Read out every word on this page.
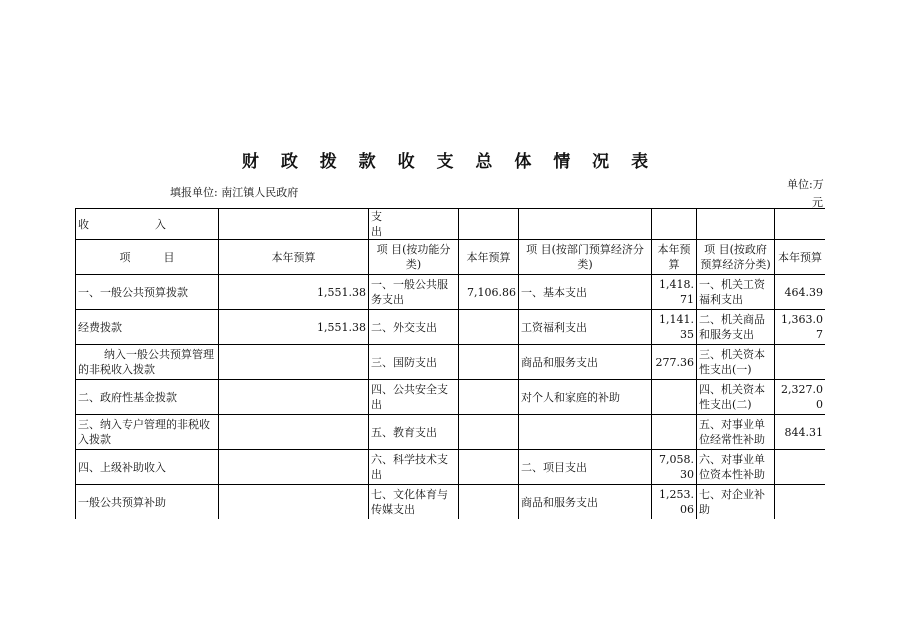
财 政 拨 款 收 支 总 体 情 况 表
填报单位: 南江镇人民政府
单位:万
元
收　　　　　　入		支
出					

项　　　目	本年预算	项 目(按功能分类)	本年预算	项 目(按部门预算经济分类)	本年预算	项 目(按政府预算经济分类)	本年预算
一、一般公共预算拨款	1,551.38	一、一般公共服务支出	7,106.86	一、基本支出	1,418.71	一、机关工资福利支出	464.39
经费拨款	1,551.38	二、外交支出		工资福利支出	1,141.35	二、机关商品和服务支出	1,363.07
纳入一般公共预算管理的非税收入拨款		三、国防支出		商品和服务支出	277.36	三、机关资本性支出(一)	
二、政府性基金拨款		四、公共安全支出		对个人和家庭的补助		四、机关资本性支出(二)	2,327.00
三、纳入专户管理的非税收入拨款		五、教育支出				五、对事业单位经常性补助	844.31
四、上级补助收入		六、科学技术支出		二、项目支出	7,058.30	六、对事业单位资本性补助	
一般公共预算补助		七、文化体育与传媒支出		商品和服务支出	1,253.06	七、对企业补助	
